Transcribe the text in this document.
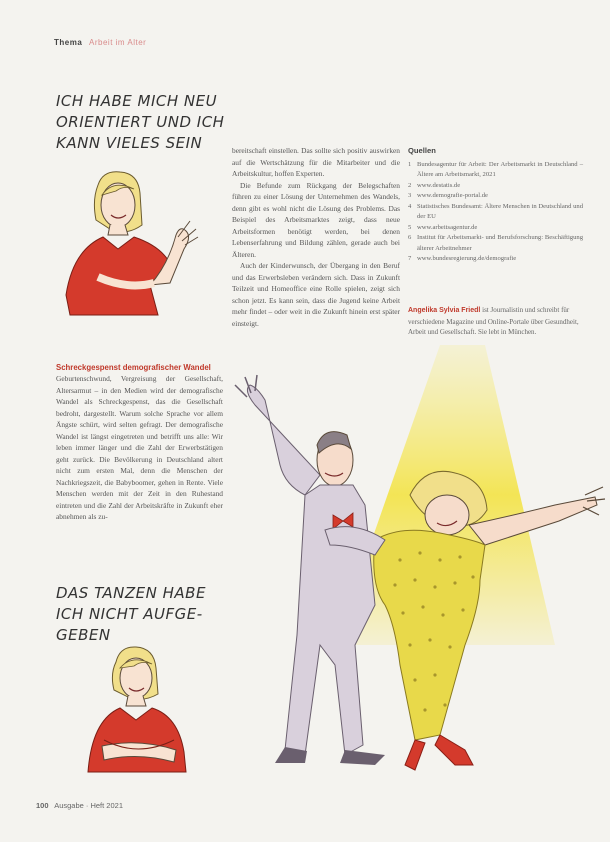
Thema Arbeit im Alter
ICH HABE MICH NEU ORIENTIERT UND ICH KANN VIELES SEIN
Schreckgespenst demografischer Wandel

Geburtenschwund, Vergreisung der Gesellschaft, Altersarmut – in den Medien wird der demografische Wandel als Schreckgespenst, das die Gesellschaft bedroht, dargestellt. Warum solche Sprache vor allem Ängste schürt, wird selten gefragt. Der demografische Wandel ist längst eingetreten und betrifft uns alle: Wir leben immer länger und die Zahl der Erwerbstätigen geht zurück. Die Bevölkerung in Deutschland altert nicht zum ersten Mal, denn die Menschen der Nachkriegszeit, die Babyboomer, gehen in Rente. Viele Menschen werden mit der Zeit in den Ruhestand eintreten und die Zahl der Arbeitskräfte in Zukunft eher abnehmen als zu-

bereitschaft einstellen. Das sollte sich positiv auswirken auf die Wertschätzung für die Mitarbeiter und die Arbeitskultur, hoffen Experten.

Die Befunde zum Rückgang der Belegschaften führen zu einer Lösung der Unternehmen des Wandels, denn gibt es wohl nicht die Lösung des Problems. Das Beispiel des Arbeitsmarktes zeigt, dass neue Arbeitsformen benötigt werden, bei denen Lebenserfahrung und Bildung zählen, gerade auch bei Älteren.

Auch der Kinderwunsch, der Übergang in den Beruf und das Erwerbsleben verändern sich. Dass in Zukunft Teilzeit und Homeoffice eine Rolle spielen, zeigt sich schon jetzt. Es kann sein, dass die Jugend keine Arbeit mehr findet – oder weit in die Zukunft hinein erst später einsteigt.

Quellen
1 Bundesagentur für Arbeit: Der Arbeitsmarkt in Deutschland – Ältere am Arbeitsmarkt, 2021
2 www.destatis.de
3 www.demografie-portal.de
4 Statistisches Bundesamt: Ältere Menschen in Deutschland und der EU
5 www.arbeitsagentur.de
6 Institut für Arbeitsmarkt- und Berufsforschung: Beschäftigung älterer Arbeitnehmer
7 www.bundesregierung.de/demografie
Angelika Sylvia Friedl ist Journalistin und schreibt für verschiedene Magazine und Online-Portale über Gesundheit, Arbeit und Gesellschaft. Sie lebt in München.
DAS TANZEN HABE ICH NICHT AUFGE-GEBEN
100 Ausgabe · Heft 2021
